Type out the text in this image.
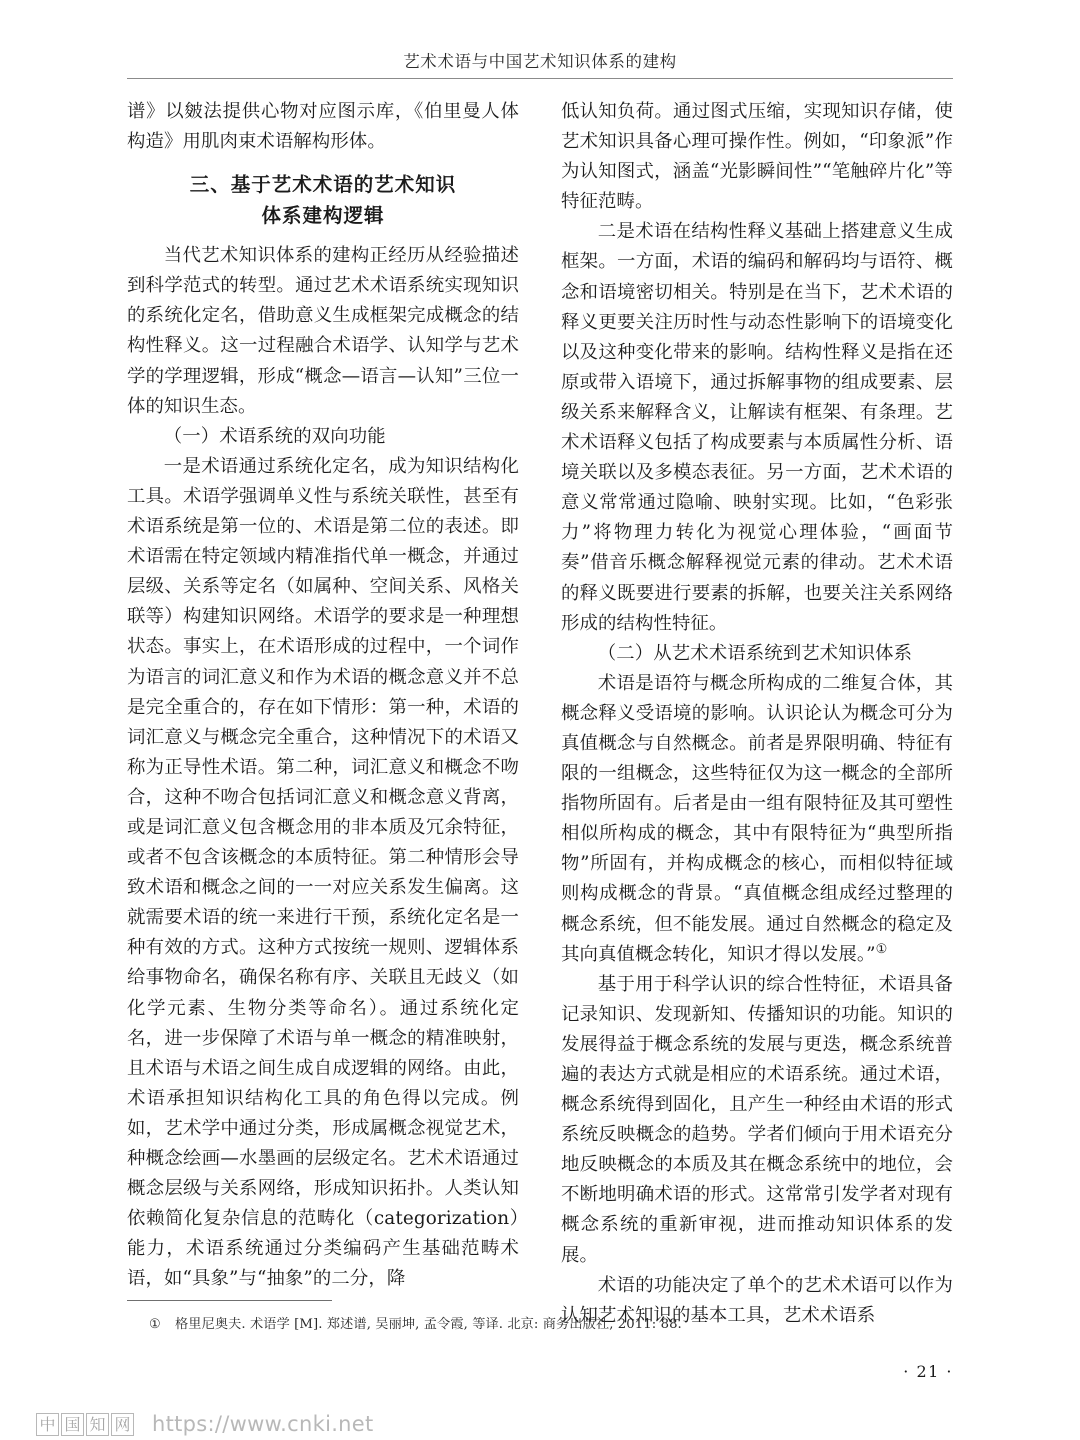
艺术术语与中国艺术知识体系的建构

谱》以皴法提供心物对应图示库，《伯里曼人体构造》用肌肉束术语解构形体。

三、基于艺术术语的艺术知识
体系建构逻辑

当代艺术知识体系的建构正经历从经验描述到科学范式的转型。通过艺术术语系统实现知识的系统化定名，借助意义生成框架完成概念的结构性释义。这一过程融合术语学、认知学与艺术学的学理逻辑，形成“概念—语言—认知”三位一体的知识生态。

（一）术语系统的双向功能

一是术语通过系统化定名，成为知识结构化工具。术语学强调单义性与系统关联性，甚至有术语系统是第一位的、术语是第二位的表述。即术语需在特定领域内精准指代单一概念，并通过层级、关系等定名（如属种、空间关系、风格关联等）构建知识网络。术语学的要求是一种理想状态。事实上，在术语形成的过程中，一个词作为语言的词汇意义和作为术语的概念意义并不总是完全重合的，存在如下情形：第一种，术语的词汇意义与概念完全重合，这种情况下的术语又称为正导性术语。第二种，词汇意义和概念不吻合，这种不吻合包括词汇意义和概念意义背离，或是词汇意义包含概念用的非本质及冗余特征，或者不包含该概念的本质特征。第二种情形会导致术语和概念之间的一一对应关系发生偏离。这就需要术语的统一来进行干预，系统化定名是一种有效的方式。这种方式按统一规则、逻辑体系给事物命名，确保名称有序、关联且无歧义（如化学元素、生物分类等命名）。通过系统化定名，进一步保障了术语与单一概念的精准映射，且术语与术语之间生成自成逻辑的网络。由此，术语承担知识结构化工具的角色得以完成。例如，艺术学中通过分类，形成属概念视觉艺术，种概念绘画—水墨画的层级定名。艺术术语通过概念层级与关系网络，形成知识拓扑。人类认知依赖简化复杂信息的范畴化（categorization）能力，术语系统通过分类编码产生基础范畴术语，如“具象”与“抽象”的二分，降

低认知负荷。通过图式压缩，实现知识存储，使艺术知识具备心理可操作性。例如，“印象派”作为认知图式，涵盖“光影瞬间性”“笔触碎片化”等特征范畴。

二是术语在结构性释义基础上搭建意义生成框架。一方面，术语的编码和解码均与语符、概念和语境密切相关。特别是在当下，艺术术语的释义更要关注历时性与动态性影响下的语境变化以及这种变化带来的影响。结构性释义是指在还原或带入语境下，通过拆解事物的组成要素、层级关系来解释含义，让解读有框架、有条理。艺术术语释义包括了构成要素与本质属性分析、语境关联以及多模态表征。另一方面，艺术术语的意义常常通过隐喻、映射实现。比如，“色彩张力”将物理力转化为视觉心理体验，“画面节奏”借音乐概念解释视觉元素的律动。艺术术语的释义既要进行要素的拆解，也要关注关系网络形成的结构性特征。

（二）从艺术术语系统到艺术知识体系

术语是语符与概念所构成的二维复合体，其概念释义受语境的影响。认识论认为概念可分为真值概念与自然概念。前者是界限明确、特征有限的一组概念，这些特征仅为这一概念的全部所指物所固有。后者是由一组有限特征及其可塑性相似所构成的概念，其中有限特征为“典型所指物”所固有，并构成概念的核心，而相似特征域则构成概念的背景。“真值概念组成经过整理的概念系统，但不能发展。通过自然概念的稳定及其向真值概念转化，知识才得以发展。”①

基于用于科学认识的综合性特征，术语具备记录知识、发现新知、传播知识的功能。知识的发展得益于概念系统的发展与更迭，概念系统普遍的表达方式就是相应的术语系统。通过术语，概念系统得到固化，且产生一种经由术语的形式系统反映概念的趋势。学者们倾向于用术语充分地反映概念的本质及其在概念系统中的地位，会不断地明确术语的形式。这常常引发学者对现有概念系统的重新审视，进而推动知识体系的发展。

术语的功能决定了单个的艺术术语可以作为认知艺术知识的基本工具，艺术术语系

① 格里尼奥夫. 术语学 [M]. 郑述谱, 吴丽坤, 孟令霞, 等译. 北京: 商务出版社, 2011: 88.
· 21 ·
中 国 知 网 https://www.cnki.net
